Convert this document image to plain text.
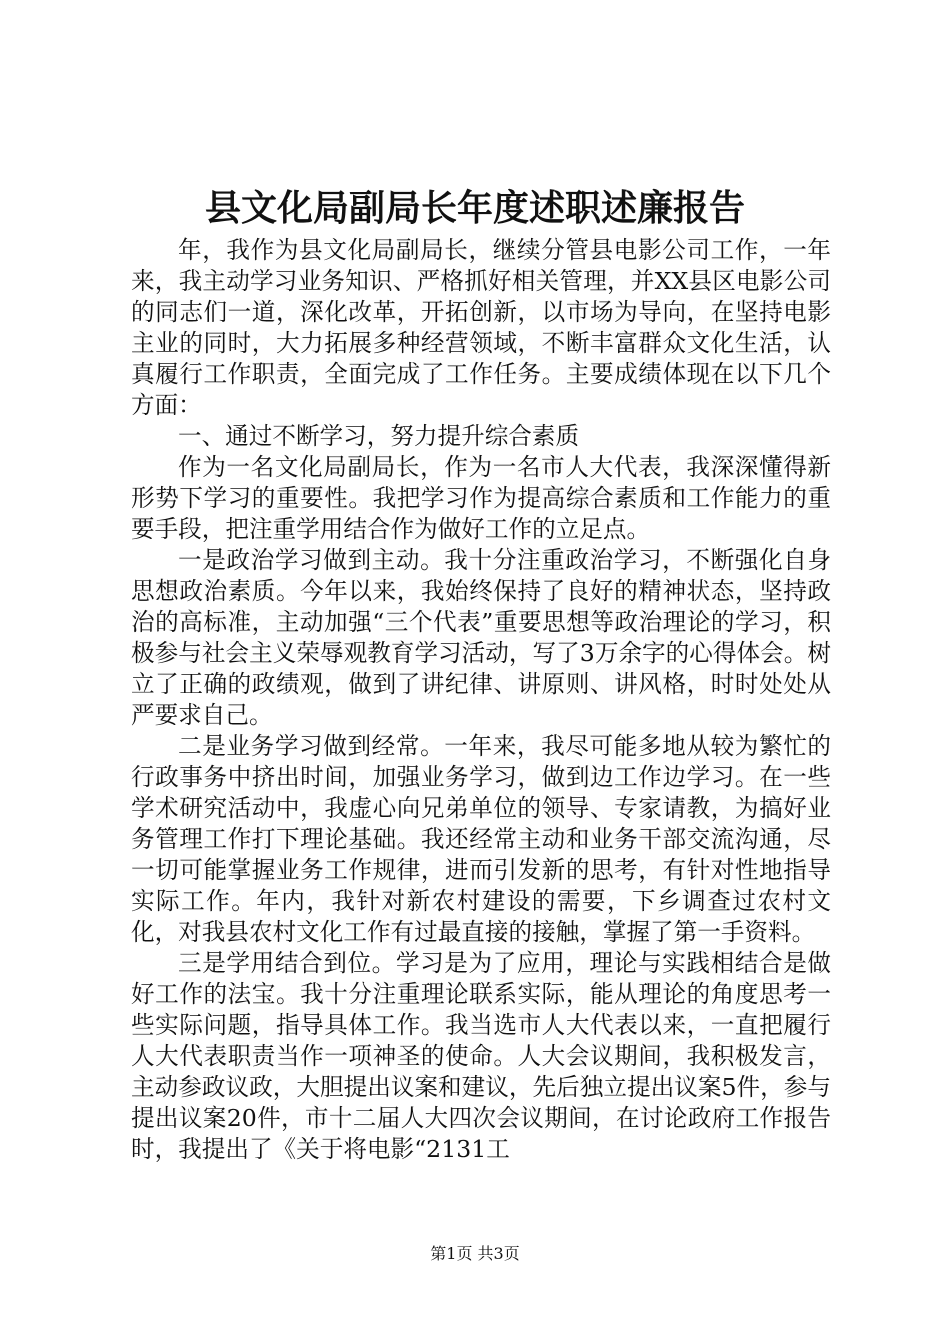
县文化局副局长年度述职述廉报告

年，我作为县文化局副局长，继续分管县电影公司工作，一年来，我主动学习业务知识、严格抓好相关管理，并XX县区电影公司的同志们一道，深化改革，开拓创新，以市场为导向，在坚持电影主业的同时，大力拓展多种经营领域，不断丰富群众文化生活，认真履行工作职责，全面完成了工作任务。主要成绩体现在以下几个方面：

一、通过不断学习，努力提升综合素质

作为一名文化局副局长，作为一名市人大代表，我深深懂得新形势下学习的重要性。我把学习作为提高综合素质和工作能力的重要手段，把注重学用结合作为做好工作的立足点。

一是政治学习做到主动。我十分注重政治学习，不断强化自身思想政治素质。今年以来，我始终保持了良好的精神状态，坚持政治的高标准，主动加强“三个代表”重要思想等政治理论的学习，积极参与社会主义荣辱观教育学习活动，写了3万余字的心得体会。树立了正确的政绩观，做到了讲纪律、讲原则、讲风格，时时处处从严要求自己。

二是业务学习做到经常。一年来，我尽可能多地从较为繁忙的行政事务中挤出时间，加强业务学习，做到边工作边学习。在一些学术研究活动中，我虚心向兄弟单位的领导、专家请教，为搞好业务管理工作打下理论基础。我还经常主动和业务干部交流沟通，尽一切可能掌握业务工作规律，进而引发新的思考，有针对性地指导实际工作。年内，我针对新农村建设的需要，下乡调查过农村文化，对我县农村文化工作有过最直接的接触，掌握了第一手资料。

三是学用结合到位。学习是为了应用，理论与实践相结合是做好工作的法宝。我十分注重理论联系实际，能从理论的角度思考一些实际问题，指导具体工作。我当选市人大代表以来，一直把履行人大代表职责当作一项神圣的使命。人大会议期间，我积极发言，主动参政议政，大胆提出议案和建议，先后独立提出议案5件，参与提出议案20件，市十二届人大四次会议期间，在讨论政府工作报告时，我提出了《关于将电影“2131工

第1页 共3页
